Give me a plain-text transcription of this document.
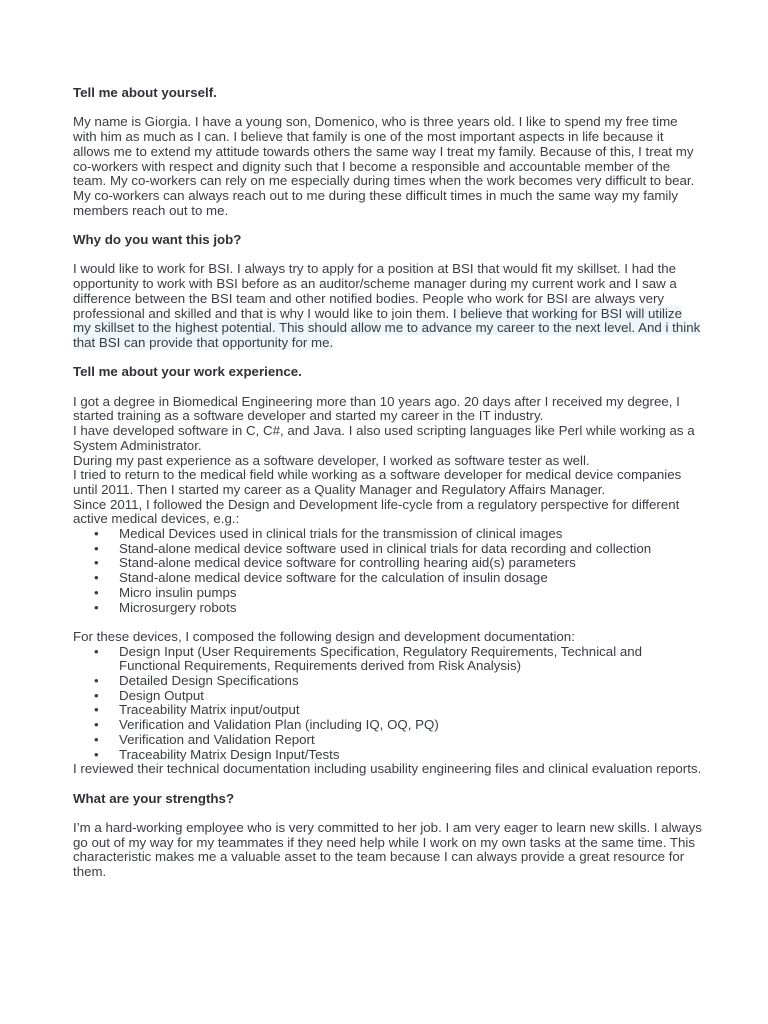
Tell me about yourself.

My name is Giorgia. I have a young son, Domenico, who is three years old. I like to spend my free time with him as much as I can. I believe that family is one of the most important aspects in life because it allows me to extend my attitude towards others the same way I treat my family. Because of this, I treat my co-workers with respect and dignity such that I become a responsible and accountable member of the team. My co-workers can rely on me especially during times when the work becomes very difficult to bear. My co-workers can always reach out to me during these difficult times in much the same way my family members reach out to me.

Why do you want this job?

I would like to work for BSI. I always try to apply for a position at BSI that would fit my skillset. I had the opportunity to work with BSI before as an auditor/scheme manager during my current work and I saw a difference between the BSI team and other notified bodies. People who work for BSI are always very professional and skilled and that is why I would like to join them. I believe that working for BSI will utilize my skillset to the highest potential. This should allow me to advance my career to the next level. And i think that BSI can provide that opportunity for me.

Tell me about your work experience.

I got a degree in Biomedical Engineering more than 10 years ago. 20 days after I received my degree, I started training as a software developer and started my career in the IT industry.

I have developed software in C, C#, and Java. I also used scripting languages like Perl while working as a System Administrator.

During my past experience as a software developer, I worked as software tester as well.

I tried to return to the medical field while working as a software developer for medical device companies until 2011. Then I started my career as a Quality Manager and Regulatory Affairs Manager.

Since 2011, I followed the Design and Development life-cycle from a regulatory perspective for different active medical devices, e.g.:

• Medical Devices used in clinical trials for the transmission of clinical images
• Stand-alone medical device software used in clinical trials for data recording and collection
• Stand-alone medical device software for controlling hearing aid(s) parameters
• Stand-alone medical device software for the calculation of insulin dosage
• Micro insulin pumps
• Microsurgery robots

For these devices, I composed the following design and development documentation:

• Design Input (User Requirements Specification, Regulatory Requirements, Technical and Functional Requirements, Requirements derived from Risk Analysis)
• Detailed Design Specifications
• Design Output
• Traceability Matrix input/output
• Verification and Validation Plan (including IQ, OQ, PQ)
• Verification and Validation Report
• Traceability Matrix Design Input/Tests

I reviewed their technical documentation including usability engineering files and clinical evaluation reports.

What are your strengths?

I’m a hard-working employee who is very committed to her job. I am very eager to learn new skills. I always go out of my way for my teammates if they need help while I work on my own tasks at the same time. This characteristic makes me a valuable asset to the team because I can always provide a great resource for them.
